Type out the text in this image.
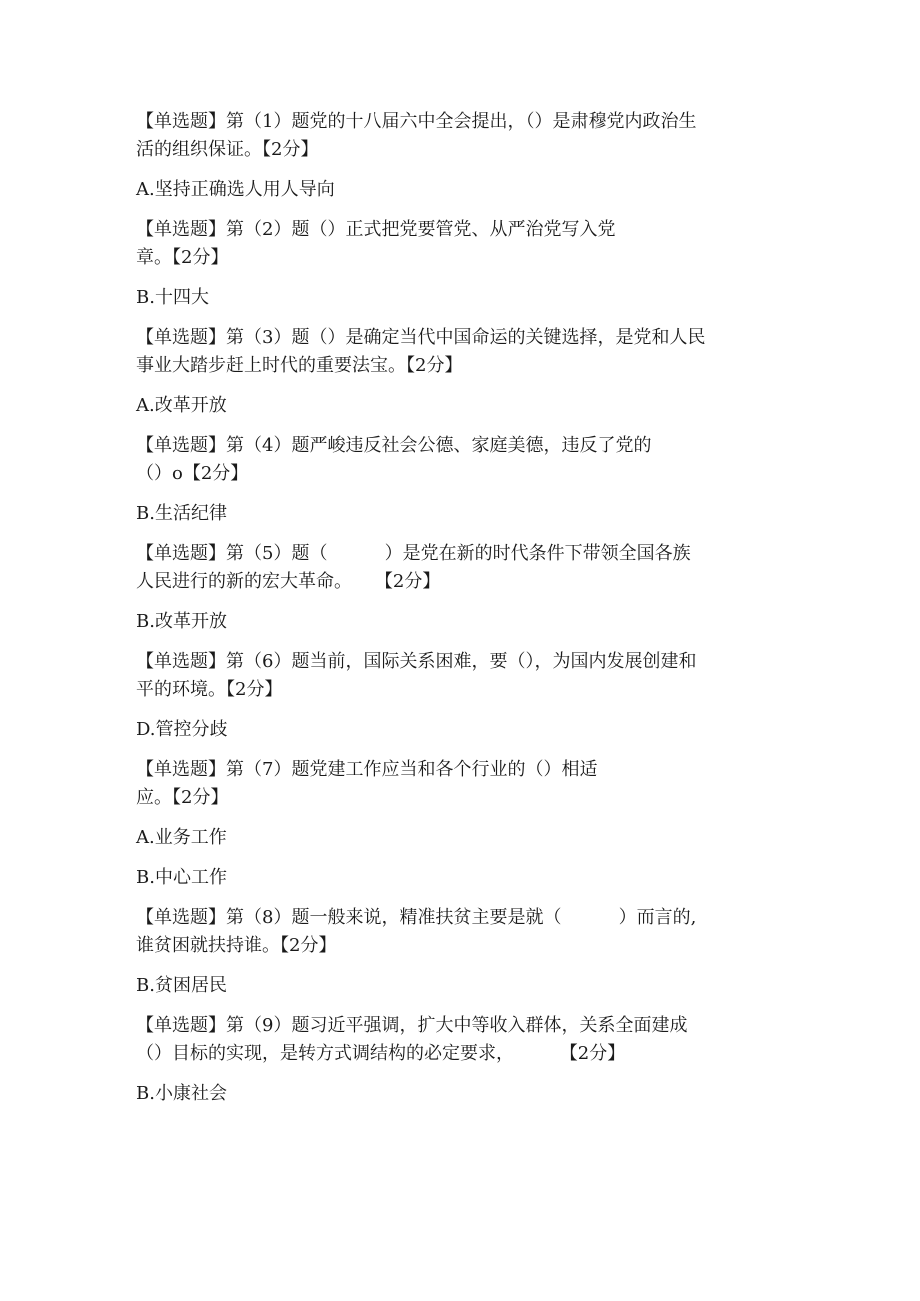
【单选题】第（1）题党的十八届六中全会提出，（）是肃穆党内政治生

活的组织保证。【2分】

A.坚持正确选人用人导向

【单选题】第（2）题（）正式把党要管党、从严治党写入党

章。【2分】

B.十四大

【单选题】第（3）题（）是确定当代中国命运的关键选择，是党和人民

事业大踏步赶上时代的重要法宝。【2分】

A.改革开放

【单选题】第（4）题严峻违反社会公德、家庭美德，违反了党的

（）o【2分】

B.生活纪律

【单选题】第（5）题（          ）是党在新的时代条件下带领全国各族

人民进行的新的宏大革命。    【2分】

B.改革开放

【单选题】第（6）题当前，国际关系困难，要（），为国内发展创建和

平的环境。【2分】

D.管控分歧

【单选题】第（7）题党建工作应当和各个行业的（）相适

应。【2分】

A.业务工作

B.中心工作

【单选题】第（8）题一般来说，精准扶贫主要是就（          ）而言的,

谁贫困就扶持谁。【2分】

B.贫困居民

【单选题】第（9）题习近平强调，扩大中等收入群体，关系全面建成

（）目标的实现，是转方式调结构的必定要求，        【2分】

B.小康社会
